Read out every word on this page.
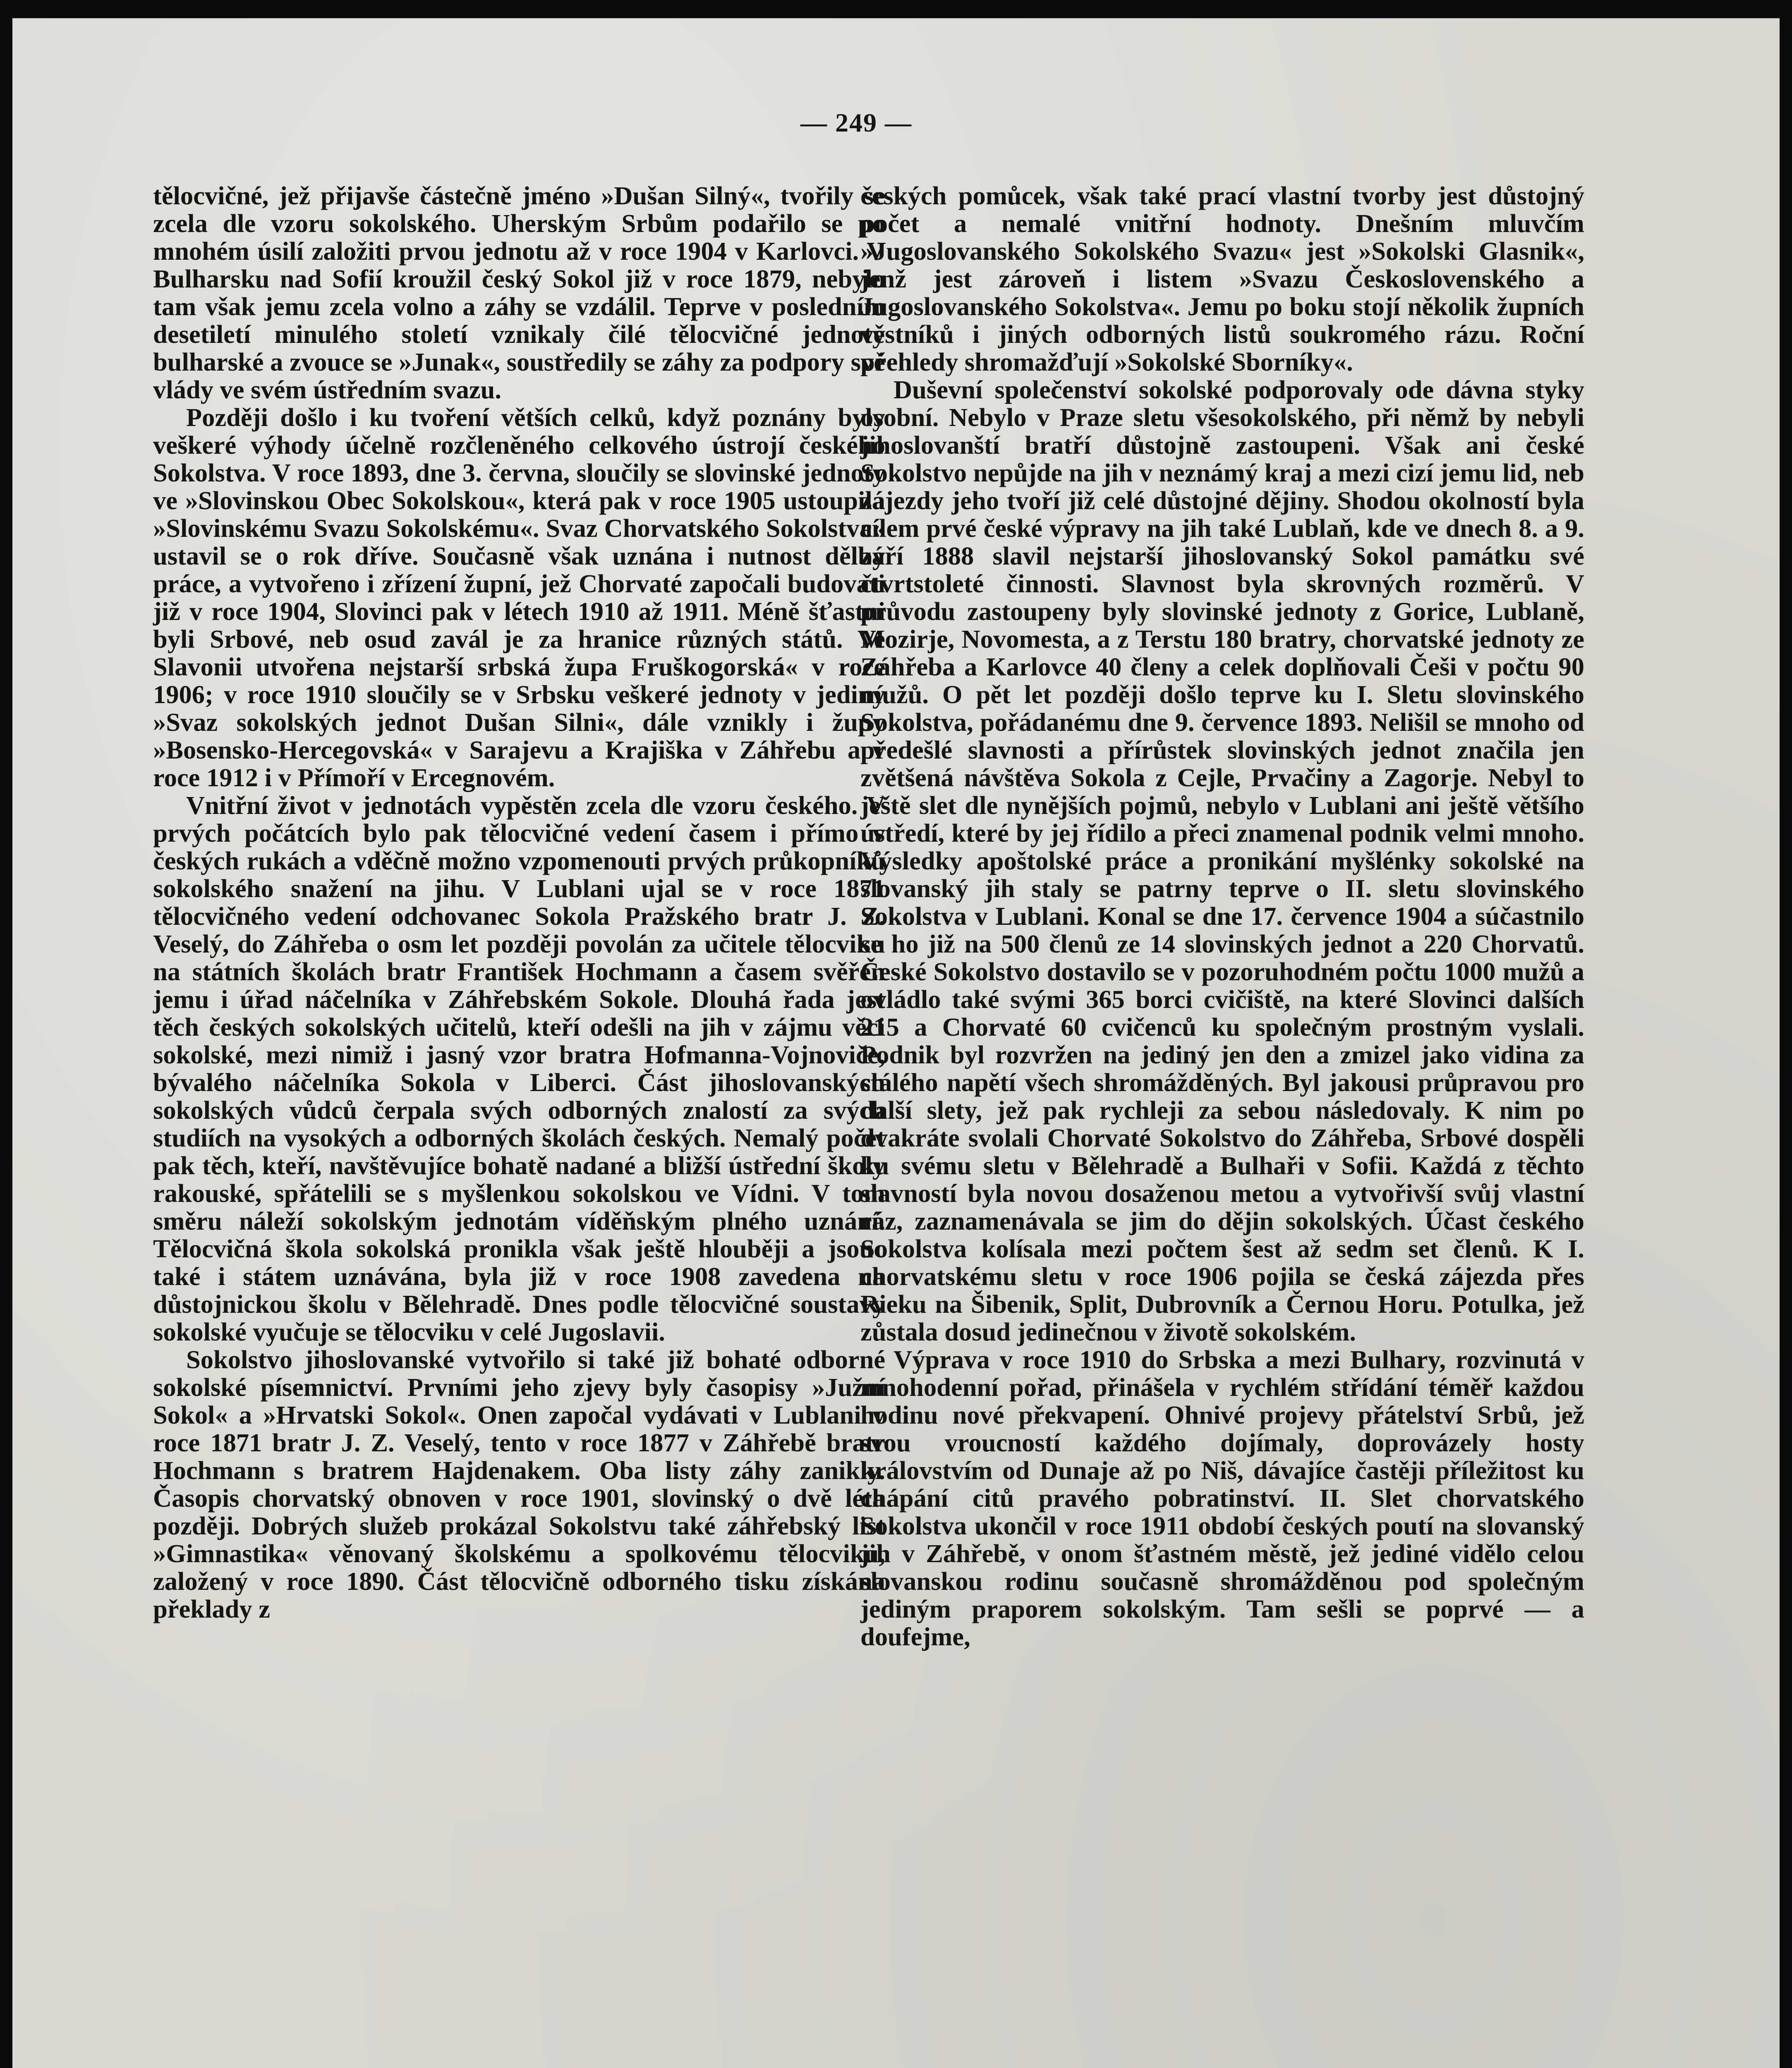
— 249 —

tělocvičné, jež přijavše částečně jméno »Dušan Silný«, tvořily se zcela dle vzoru sokolského. Uherským Srbům podařilo se po mnohém úsilí založiti prvou jednotu až v roce 1904 v Karlovci. V Bulharsku nad Sofií kroužil český Sokol již v roce 1879, nebylo tam však jemu zcela volno a záhy se vzdálil. Teprve v posledním desetiletí minulého století vznikaly čilé tělocvičné jednoty bulharské a zvouce se »Junak«, soustředily se záhy za podpory své vlády ve svém ústředním svazu.

Později došlo i ku tvoření větších celků, když poznány byly veškeré výhody účelně rozčleněného celkového ústrojí českého Sokolstva. V roce 1893, dne 3. června, sloučily se slovinské jednoty ve »Slovinskou Obec Sokolskou«, která pak v roce 1905 ustoupila »Slovinskému Svazu Sokolskému«. Svaz Chorvatského Sokolstva« ustavil se o rok dříve. Současně však uznána i nutnost dělby práce, a vytvořeno i zřízení župní, jež Chorvaté započali budovati již v roce 1904, Slovinci pak v létech 1910 až 1911. Méně šťastni byli Srbové, neb osud zavál je za hranice různých států. Ve Slavonii utvořena nejstarší srbská župa Fruškogorská« v roce 1906; v roce 1910 sloučily se v Srbsku veškeré jednoty v jediný »Svaz sokolských jednot Dušan Silni«, dále vznikly i župy »Bosensko-Hercegovská« v Sarajevu a Krajiška v Záhřebu a v roce 1912 i v Přímoří v Ercegnovém.

Vnitřní život v jednotách vypěstěn zcela dle vzoru českého. V prvých počátcích bylo pak tělocvičné vedení časem i přímo v českých rukách a vděčně možno vzpomenouti prvých průkopníků sokolského snažení na jihu. V Lublani ujal se v roce 1871 tělocvičného vedení odchovanec Sokola Pražského bratr J. Z. Veselý, do Záhřeba o osm let později povolán za učitele tělocviku na státních školách bratr František Hochmann a časem svěřen jemu i úřad náčelníka v Záhřebském Sokole. Dlouhá řada jest těch českých sokolských učitelů, kteří odešli na jih v zájmu věci sokolské, mezi nimiž i jasný vzor bratra Hofmanna-Vojnoviče, bývalého náčelníka Sokola v Liberci. Část jihoslovanských sokolských vůdců čerpala svých odborných znalostí za svých studiích na vysokých a odborných školách českých. Nemalý počet pak těch, kteří, navštěvujíce bohatě nadané a bližší ústřední školy rakouské, spřátelili se s myšlenkou sokolskou ve Vídni. V tom směru náleží sokolským jednotám víděňským plného uznání. Tělocvičná škola sokolská pronikla však ještě hlouběji a jsouc také i státem uznávána, byla již v roce 1908 zavedena na důstojnickou školu v Bělehradě. Dnes podle tělocvičné soustavy sokolské vyučuje se tělocviku v celé Jugoslavii.

Sokolstvo jihoslovanské vytvořilo si také již bohaté odborné sokolské písemnictví. Prvními jeho zjevy byly časopisy »Južní Sokol« a »Hrvatski Sokol«. Onen započal vydávati v Lublani v roce 1871 bratr J. Z. Veselý, tento v roce 1877 v Záhřebě bratr Hochmann s bratrem Hajdenakem. Oba listy záhy zanikly. Časopis chorvatský obnoven v roce 1901, slovinský o dvě léta později. Dobrých služeb prokázal Sokolstvu také záhřebský list »Gimnastika« věnovaný školskému a spolkovému tělocviku, založený v roce 1890. Část tělocvičně odborného tisku získána překlady z

českých pomůcek, však také prací vlastní tvorby jest důstojný počet a nemalé vnitřní hodnoty. Dnešním mluvčím »Jugoslovanského Sokolského Svazu« jest »Sokolski Glasnik«, jenž jest zároveň i listem »Svazu Československého a Jugoslovanského Sokolstva«. Jemu po boku stojí několik župních věstníků i jiných odborných listů soukromého rázu. Roční přehledy shromažďují »Sokolské Sborníky«.

Duševní společenství sokolské podporovaly ode dávna styky osobní. Nebylo v Praze sletu všesokolského, při němž by nebyli jihoslovanští bratří důstojně zastoupeni. Však ani české Sokolstvo nepůjde na jih v neznámý kraj a mezi cizí jemu lid, neb zájezdy jeho tvoří již celé důstojné dějiny. Shodou okolností byla cílem prvé české výpravy na jih také Lublaň, kde ve dnech 8. a 9. září 1888 slavil nejstarší jihoslovanský Sokol památku své čtvrtstoleté činnosti. Slavnost byla skrovných rozměrů. V průvodu zastoupeny byly slovinské jednoty z Gorice, Lublaně, Mozirje, Novomesta, a z Terstu 180 bratry, chorvatské jednoty ze Záhřeba a Karlovce 40 členy a celek doplňovali Češi v počtu 90 mužů. O pět let později došlo teprve ku I. Sletu slovinského Sokolstva, pořádanému dne 9. července 1893. Nelišil se mnoho od předešlé slavnosti a přírůstek slovinských jednot značila jen zvětšená návštěva Sokola z Cejle, Prvačiny a Zagorje. Nebyl to ještě slet dle nynějších pojmů, nebylo v Lublani ani ještě většího ústředí, které by jej řídilo a přeci znamenal podnik velmi mnoho. Výsledky apoštolské práce a pronikání myšlénky sokolské na slovanský jih staly se patrny teprve o II. sletu slovinského Sokolstva v Lublani. Konal se dne 17. července 1904 a súčastnilo se ho již na 500 členů ze 14 slovinských jednot a 220 Chorvatů. České Sokolstvo dostavilo se v pozoruhodném počtu 1000 mužů a ovládlo také svými 365 borci cvičiště, na které Slovinci dalších 215 a Chorvaté 60 cvičenců ku společným prostným vyslali. Podnik byl rozvržen na jediný jen den a zmizel jako vidina za stálého napětí všech shromážděných. Byl jakousi průpravou pro další slety, jež pak rychleji za sebou následovaly. K nim po dvakráte svolali Chorvaté Sokolstvo do Záhřeba, Srbové dospěli ku svému sletu v Bělehradě a Bulhaři v Sofii. Každá z těchto slavností byla novou dosaženou metou a vytvořivší svůj vlastní ráz, zaznamenávala se jim do dějin sokolských. Účast českého Sokolstva kolísala mezi počtem šest až sedm set členů. K I. chorvatskému sletu v roce 1906 pojila se česká zájezda přes Rieku na Šibenik, Split, Dubrovník a Černou Horu. Potulka, jež zůstala dosud jedinečnou v životě sokolském.

Výprava v roce 1910 do Srbska a mezi Bulhary, rozvinutá v mnohodenní pořad, přinášela v rychlém střídání téměř každou hodinu nové překvapení. Ohnivé projevy přátelství Srbů, jež svou vroucností každého dojímaly, doprovázely hosty královstvím od Dunaje až po Niš, dávajíce častěji příležitost ku chápání citů pravého pobratinství. II. Slet chorvatského Sokolstva ukončil v roce 1911 období českých poutí na slovanský jih v Záhřebě, v onom šťastném městě, jež jediné vidělo celou slovanskou rodinu současně shromážděnou pod společným jediným praporem sokolským. Tam sešli se poprvé — a doufejme,
